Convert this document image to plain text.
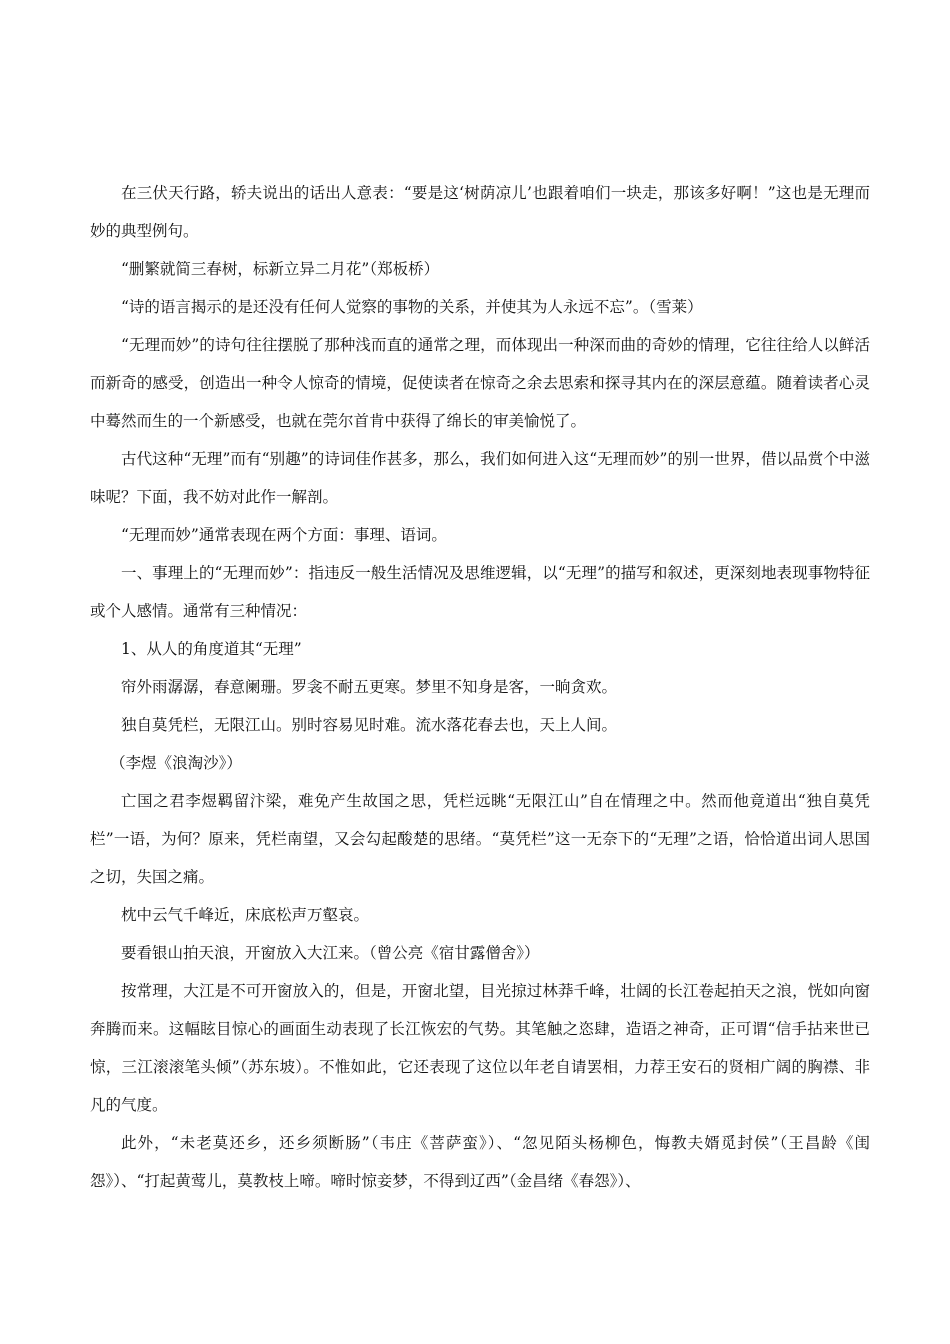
在三伏天行路，轿夫说出的话出人意表：“要是这‘树荫凉儿’也跟着咱们一块走，那该多好啊！”这也是无理而妙的典型例句。

“删繁就简三春树，标新立异二月花”（郑板桥）

“诗的语言揭示的是还没有任何人觉察的事物的关系，并使其为人永远不忘”。（雪莱）

“无理而妙”的诗句往往摆脱了那种浅而直的通常之理，而体现出一种深而曲的奇妙的情理，它往往给人以鲜活而新奇的感受，创造出一种令人惊奇的情境，促使读者在惊奇之余去思索和探寻其内在的深层意蕴。随着读者心灵中蓦然而生的一个新感受，也就在莞尔首肯中获得了绵长的审美愉悦了。

古代这种“无理”而有“别趣”的诗词佳作甚多，那么，我们如何进入这“无理而妙”的别一世界，借以品赏个中滋味呢？下面，我不妨对此作一解剖。

“无理而妙”通常表现在两个方面：事理、语词。

一、事理上的“无理而妙”：指违反一般生活情况及思维逻辑，以“无理”的描写和叙述，更深刻地表现事物特征或个人感情。通常有三种情况：

1、从人的角度道其“无理”

帘外雨潺潺，春意阑珊。罗衾不耐五更寒。梦里不知身是客，一晌贪欢。

独自莫凭栏，无限江山。别时容易见时难。流水落花春去也，天上人间。

（李煜《浪淘沙》）

亡国之君李煜羁留汴梁，难免产生故国之思，凭栏远眺“无限江山”自在情理之中。然而他竟道出“独自莫凭栏”一语，为何？原来，凭栏南望，又会勾起酸楚的思绪。“莫凭栏”这一无奈下的“无理”之语，恰恰道出词人思国之切，失国之痛。

枕中云气千峰近，床底松声万壑哀。

要看银山拍天浪，开窗放入大江来。（曾公亮《宿甘露僧舍》）

按常理，大江是不可开窗放入的，但是，开窗北望，目光掠过林莽千峰，壮阔的长江卷起拍天之浪，恍如向窗奔腾而来。这幅眩目惊心的画面生动表现了长江恢宏的气势。其笔触之恣肆，造语之神奇，正可谓“信手拈来世已惊，三江滚滚笔头倾”（苏东坡）。不惟如此，它还表现了这位以年老自请罢相，力荐王安石的贤相广阔的胸襟、非凡的气度。

此外，“未老莫还乡，还乡须断肠”（韦庄《菩萨蛮》）、“忽见陌头杨柳色，悔教夫婿觅封侯”（王昌龄《闺怨》）、“打起黄莺儿，莫教枝上啼。啼时惊妾梦，不得到辽西”（金昌绪《春怨》）、
